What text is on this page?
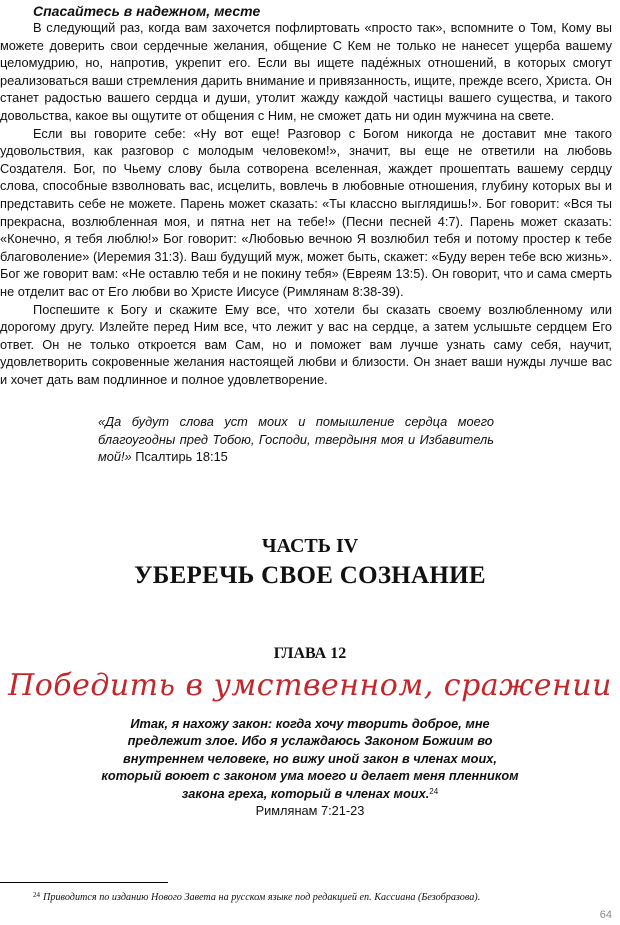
Спасайтесь в надежном, месте

В следующий раз, когда вам захочется пофлиртовать «просто так», вспомните о Том, Кому вы можете доверить свои сердечные желания, общение С Кем не только не нанесет ущерба вашему целомудрию, но, напротив, укрепит его. Если вы ищете паде́жных отношений, в которых смогут реализоваться ваши стремления дарить внимание и привязанность, ищите, прежде всего, Христа. Он станет радостью вашего сердца и души, утолит жажду каждой частицы вашего существа, и такого довольства, какое вы ощутите от общения с Ним, не сможет дать ни один мужчина на свете.

Если вы говорите себе: «Ну вот еще! Разговор с Богом никогда не доставит мне такого удовольствия, как разговор с молодым человеком!», значит, вы еще не ответили на любовь Создателя. Бог, по Чьему слову была сотворена вселенная, жаждет прошептать вашему сердцу слова, способные взволновать вас, исцелить, вовлечь в любовные отношения, глубину которых вы и представить себе не можете. Парень может сказать: «Ты классно выглядишь!». Бог говорит: «Вся ты прекрасна, возлюбленная моя, и пятна нет на тебе!» (Песни песней 4:7). Парень может сказать: «Конечно, я тебя люблю!» Бог говорит: «Любовью вечною Я возлюбил тебя и потому простер к тебе благоволение» (Иеремия 31:3). Ваш будущий муж, может быть, скажет: «Буду верен тебе всю жизнь». Бог же говорит вам: «Не оставлю тебя и не покину тебя» (Евреям 13:5). Он говорит, что и сама смерть не отделит вас от Его любви во Христе Иисусе (Римлянам 8:38-39).

Поспешите к Богу и скажите Ему все, что хотели бы сказать своему возлюбленному или дорогому другу. Излейте перед Ним все, что лежит у вас на сердце, а затем услышьте сердцем Его ответ. Он не только откроется вам Сам, но и поможет вам лучше узнать саму себя, научит, удовлетворить сокровенные желания настоящей любви и близости. Он знает ваши нужды лучше вас и хочет дать вам подлинное и полное удовлетворение.

«Да будут слова уст моих и помышление сердца моего благоугодны пред Тобою, Господи, твердыня моя и Избавитель мой!» Псалтирь 18:15
ЧАСТЬ IV
УБЕРЕЧЬ СВОЕ СОЗНАНИЕ
ГЛАВА 12
Победить в умственном, сражении
Итак, я нахожу закон: когда хочу творить доброе, мне
предлежит злое. Ибо я услаждаюсь Законом Божиим во
внутреннем человеке, но вижу иной закон в членах моих,
который воюет с законом ума моего и делает меня пленником
закона греха, который в членах моих.$^{24}$
Римлянам 7:21-23
$^{24}$ Приводится по изданию Нового Завета на русском языке под редакцией еп. Кассиана (Безобразова).
64
